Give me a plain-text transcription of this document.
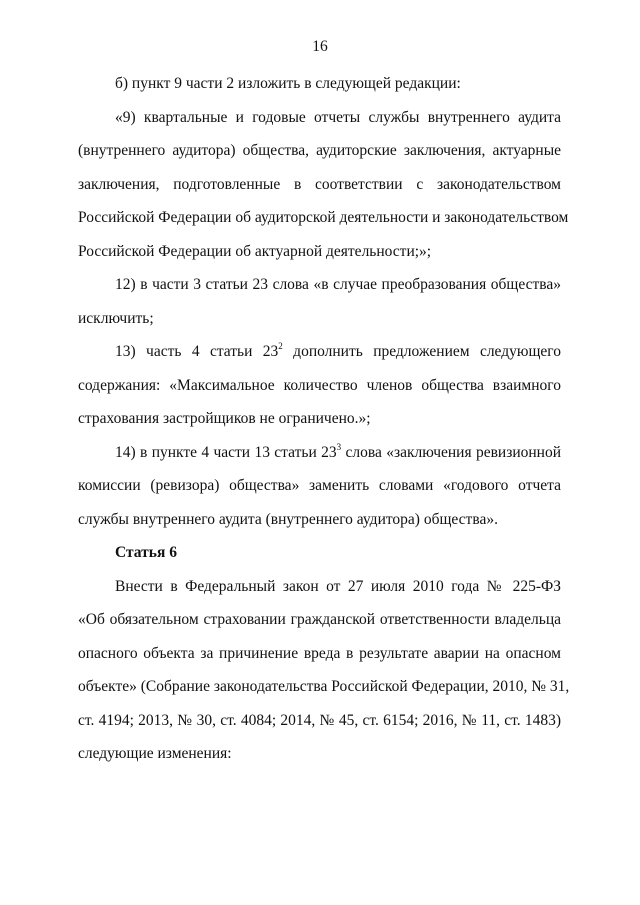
16
б) пункт 9 части 2 изложить в следующей редакции:
«9) квартальные и годовые отчеты службы внутреннего аудита
(внутреннего аудитора) общества, аудиторские заключения, актуарные
заключения, подготовленные в соответствии с законодательством
Российской Федерации об аудиторской деятельности и законодательством
Российской Федерации об актуарной деятельности;»;
12) в части 3 статьи 23 слова «в случае преобразования общества»
исключить;
13) часть 4 статьи $23^2$ дополнить предложением следующего
содержания: «Максимальное количество членов общества взаимного
страхования застройщиков не ограничено.»;
14) в пункте 4 части 13 статьи $23^3$ слова «заключения ревизионной
комиссии (ревизора) общества» заменить словами «годового отчета
службы внутреннего аудита (внутреннего аудитора) общества».
Статья 6
Внести в Федеральный закон от 27 июля 2010 года № 225-ФЗ
«Об обязательном страховании гражданской ответственности владельца
опасного объекта за причинение вреда в результате аварии на опасном
объекте» (Собрание законодательства Российской Федерации, 2010, № 31,
ст. 4194; 2013, № 30, ст. 4084; 2014, № 45, ст. 6154; 2016, № 11, ст. 1483)
следующие изменения:
